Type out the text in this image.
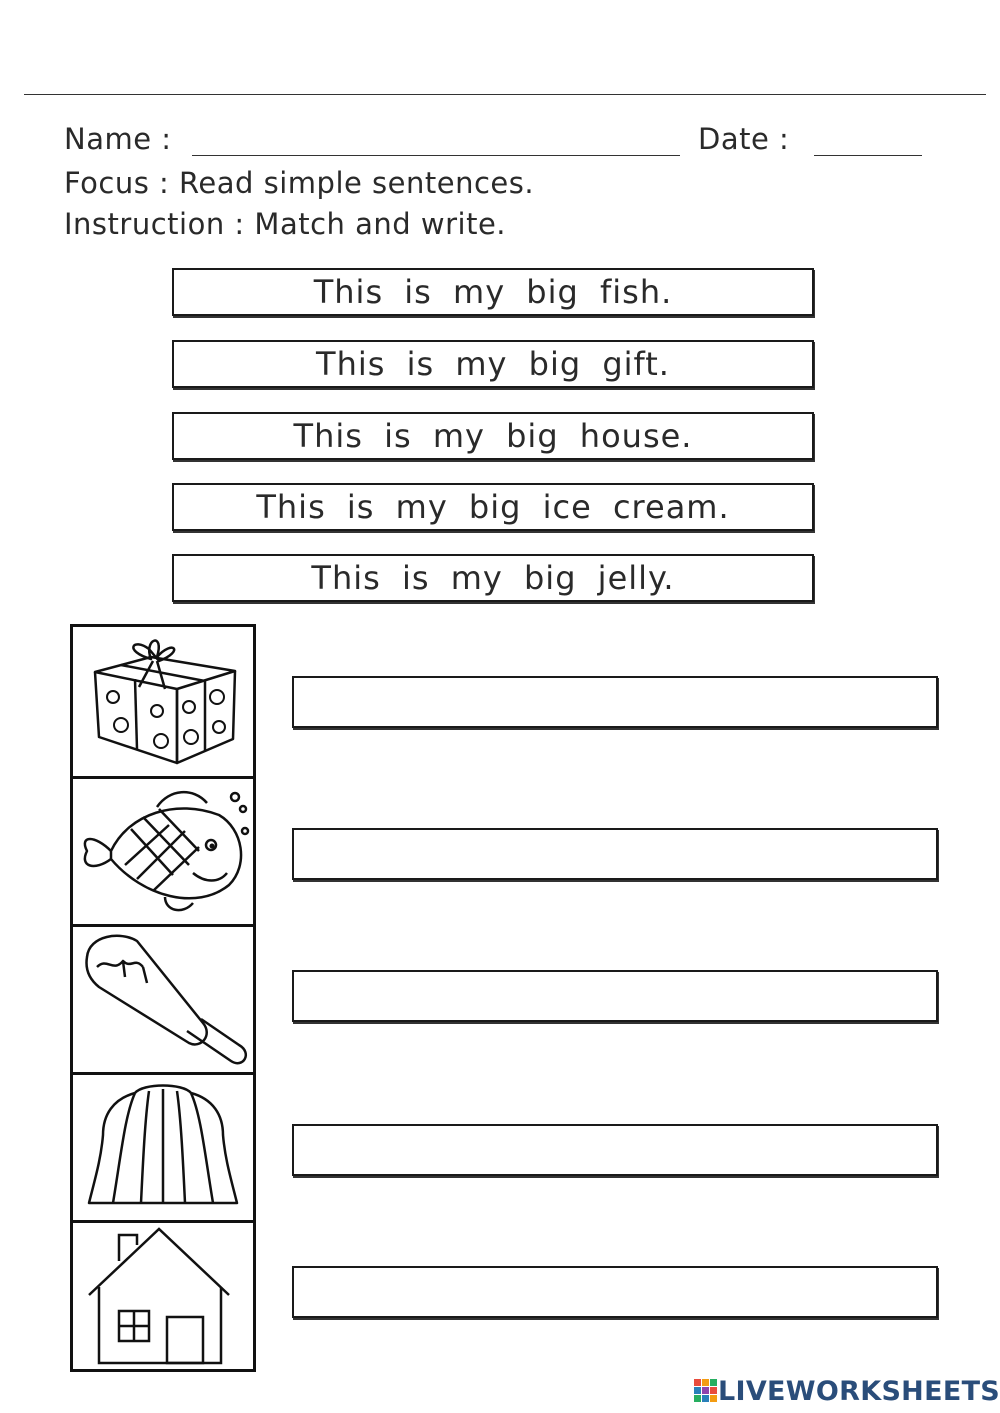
Name :	Date :
Focus : Read simple sentences.
Instruction : Match and write.
This is my big fish.
This is my big gift.
This is my big house.
This is my big ice cream.
This is my big jelly.
LIVEWORKSHEETS
